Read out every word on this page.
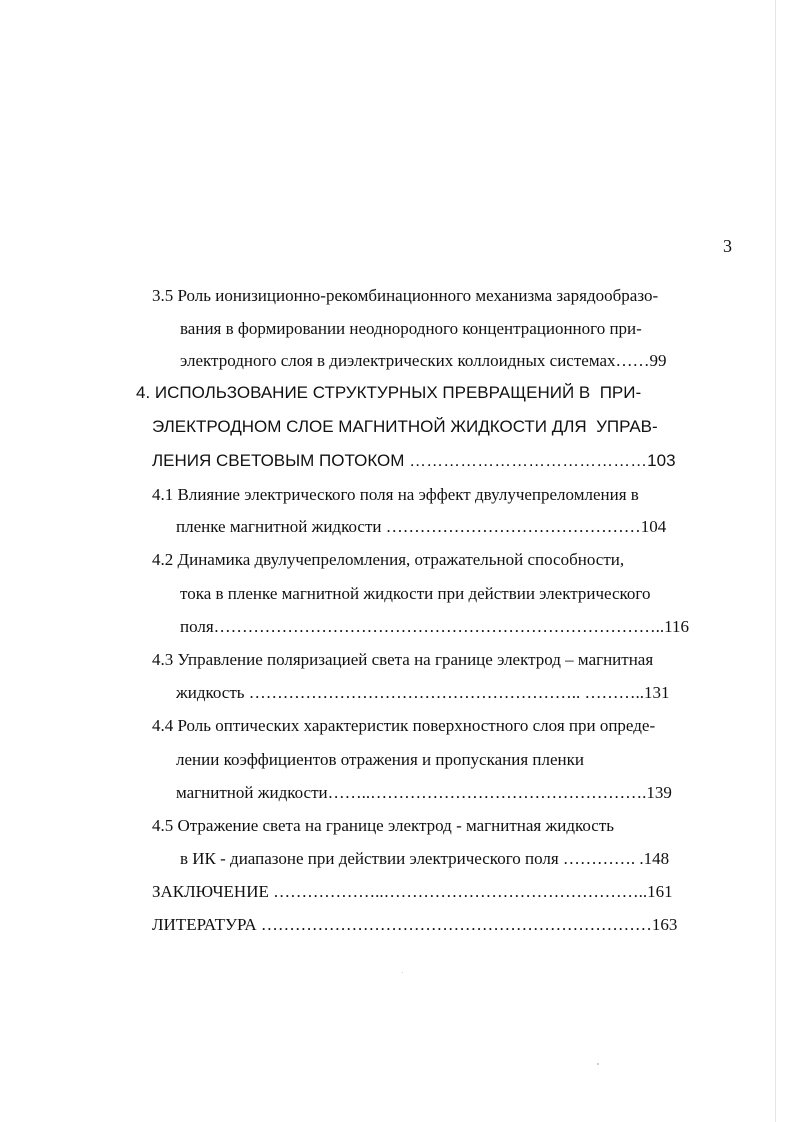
3
3.5 Роль ионизиционно-рекомбинационного механизма зарядообразо-
вания в формировании неоднородного концентрационного при-
электродного слоя в диэлектрических коллоидных системах……99
4. ИСПОЛЬЗОВАНИЕ СТРУКТУРНЫХ ПРЕВРАЩЕНИЙ В  ПРИ-
ЭЛЕКТРОДНОМ СЛОЕ МАГНИТНОЙ ЖИДКОСТИ ДЛЯ  УПРАВ-
ЛЕНИЯ СВЕТОВЫМ ПОТОКОМ ……………………………………103
4.1 Влияние электрического поля на эффект двулучепреломления в
пленке магнитной жидкости ………………………………………104
4.2 Динамика двулучепреломления, отражательной способности,
тока в пленке магнитной жидкости при действии электрического
поля……………………………………………………………………..116
4.3 Управление поляризацией света на границе электрод – магнитная
жидкость ………………………………………………….. ………..131
4.4 Роль оптических характеристик поверхностного слоя при опреде-
лении коэффициентов отражения и пропускания пленки
магнитной жидкости……..………………………………………….139
4.5 Отражение света на границе электрод - магнитная жидкость
в ИК - диапазоне при действии электрического поля …………. .148
ЗАКЛЮЧЕНИЕ ………………..………………………………………..161
ЛИТЕРАТУРА ……………………………………………………………163
